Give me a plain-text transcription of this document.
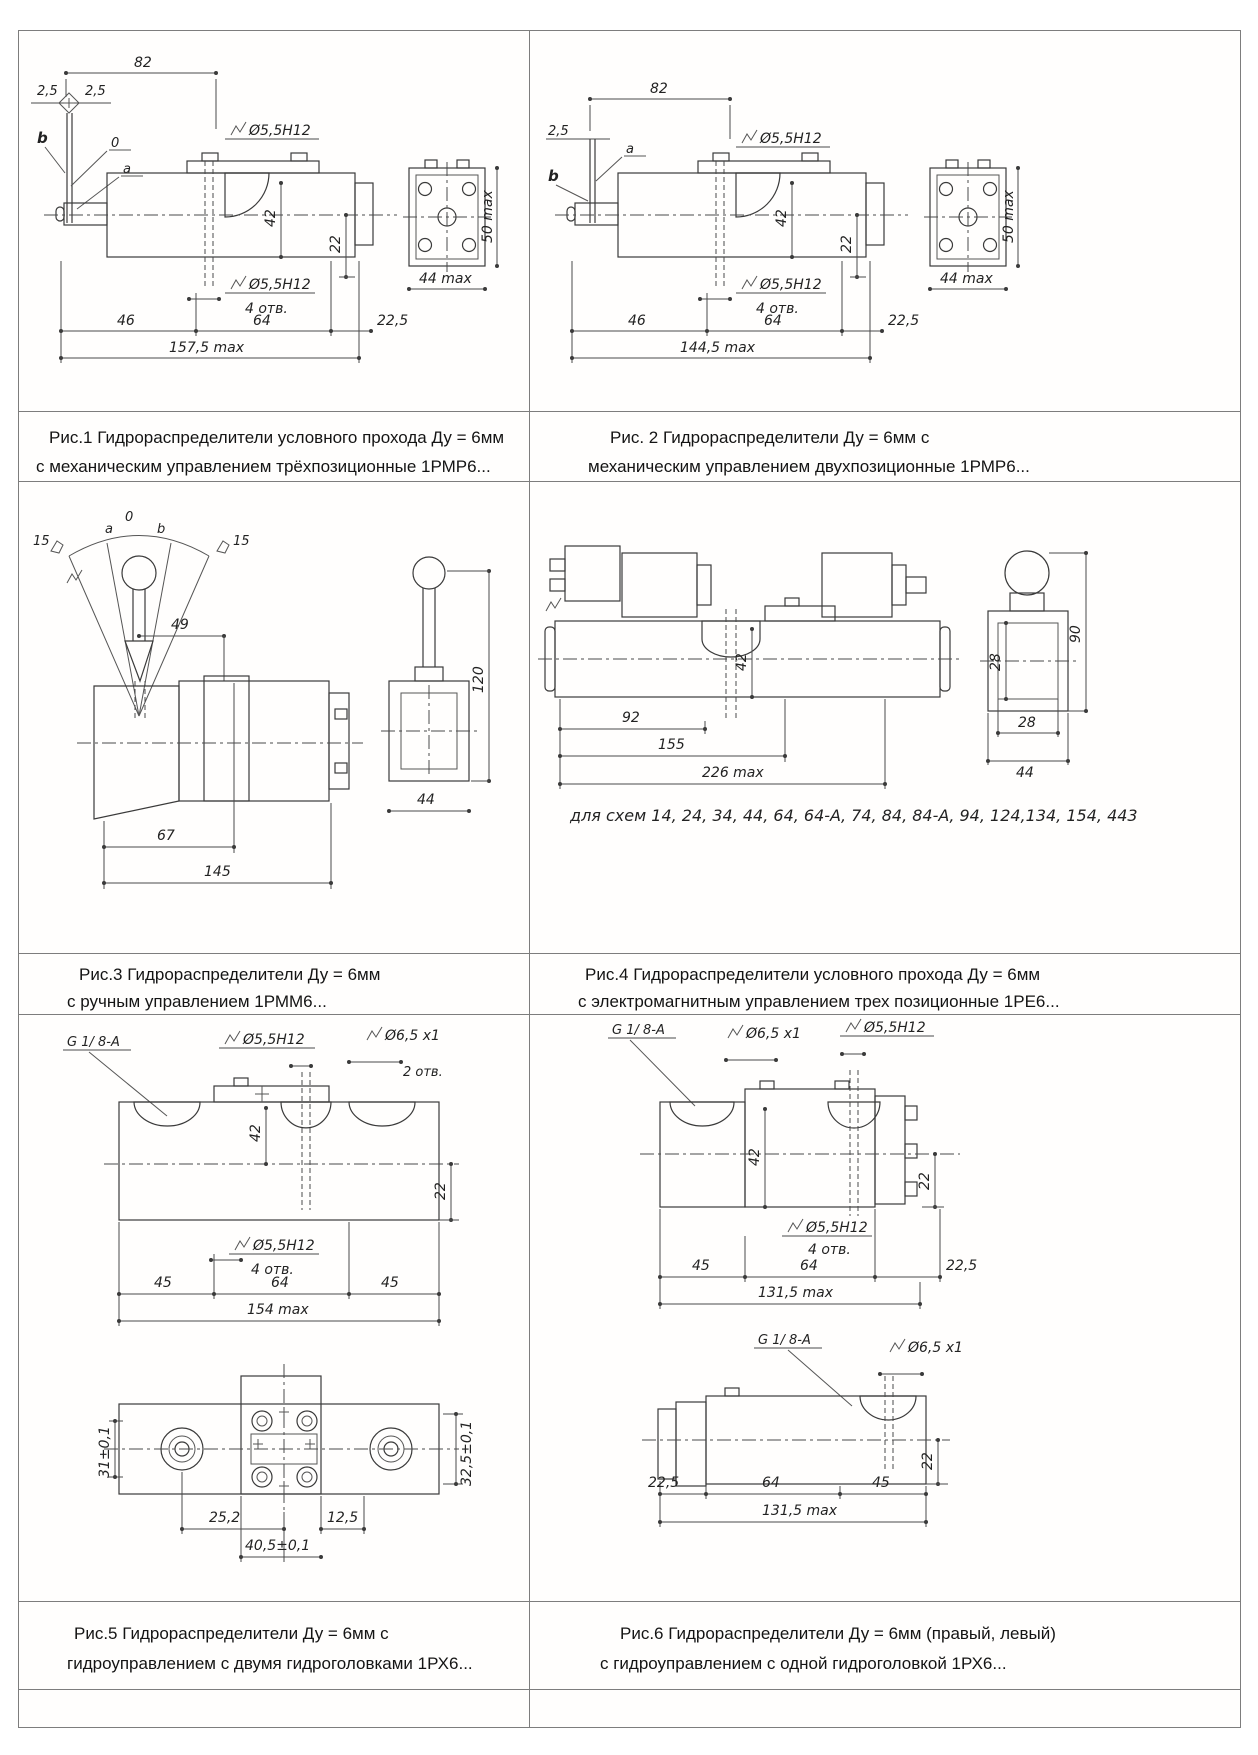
82
2,5 2,5
b	0
a
Ø5,5H12
42
22
Ø5,5H12
4 отв.
46	64	22,5
157,5 max
44 max
50 max
82
2,5
b
a
Ø5,5H12
42
22
Ø5,5H12
4 отв.
46	64	22,5
144,5 max
44 max
50 max
Рис.1 Гидрораспределители условного прохода Ду = 6мм
с механическим управлением трёхпозиционные 1РМР6...
Рис. 2 Гидрораспределители Ду = 6мм с
механическим управлением двухпозиционные 1РМР6...
15	15
a
0
b
49
67
145
120
44
42
92
155
226 max
28
28
44
90
для схем 14, 24, 34, 44, 64, 64-А, 74, 84, 84-А, 94, 124,134, 154, 443
Рис.3 Гидрораспределители Ду = 6мм
с ручным управлением 1РММ6...
Рис.4 Гидрораспределители условного прохода Ду = 6мм
с электромагнитным управлением трех позиционные 1РЕ6...
G 1/ 8-A	Ø5,5H12	Ø6,5 x1
2 отв.
42
22
Ø5,5H12
4 отв.
45	64	45
154 max
31±0,1
25,2	12,5
40,5±0,1
32,5±0,1
G 1/ 8-A	Ø6,5 x1	Ø5,5H12
42
22
Ø5,5H12
4 отв.
45	64	22,5
131,5 max
G 1/ 8-A	Ø6,5 x1
22
22,5	64	45
131,5 max
Рис.5 Гидрораспределители Ду = 6мм с
гидроуправлением с двумя гидроголовками 1РХ6...
Рис.6 Гидрораспределители Ду = 6мм (правый, левый)
с гидроуправлением с одной гидроголовкой 1РХ6...
